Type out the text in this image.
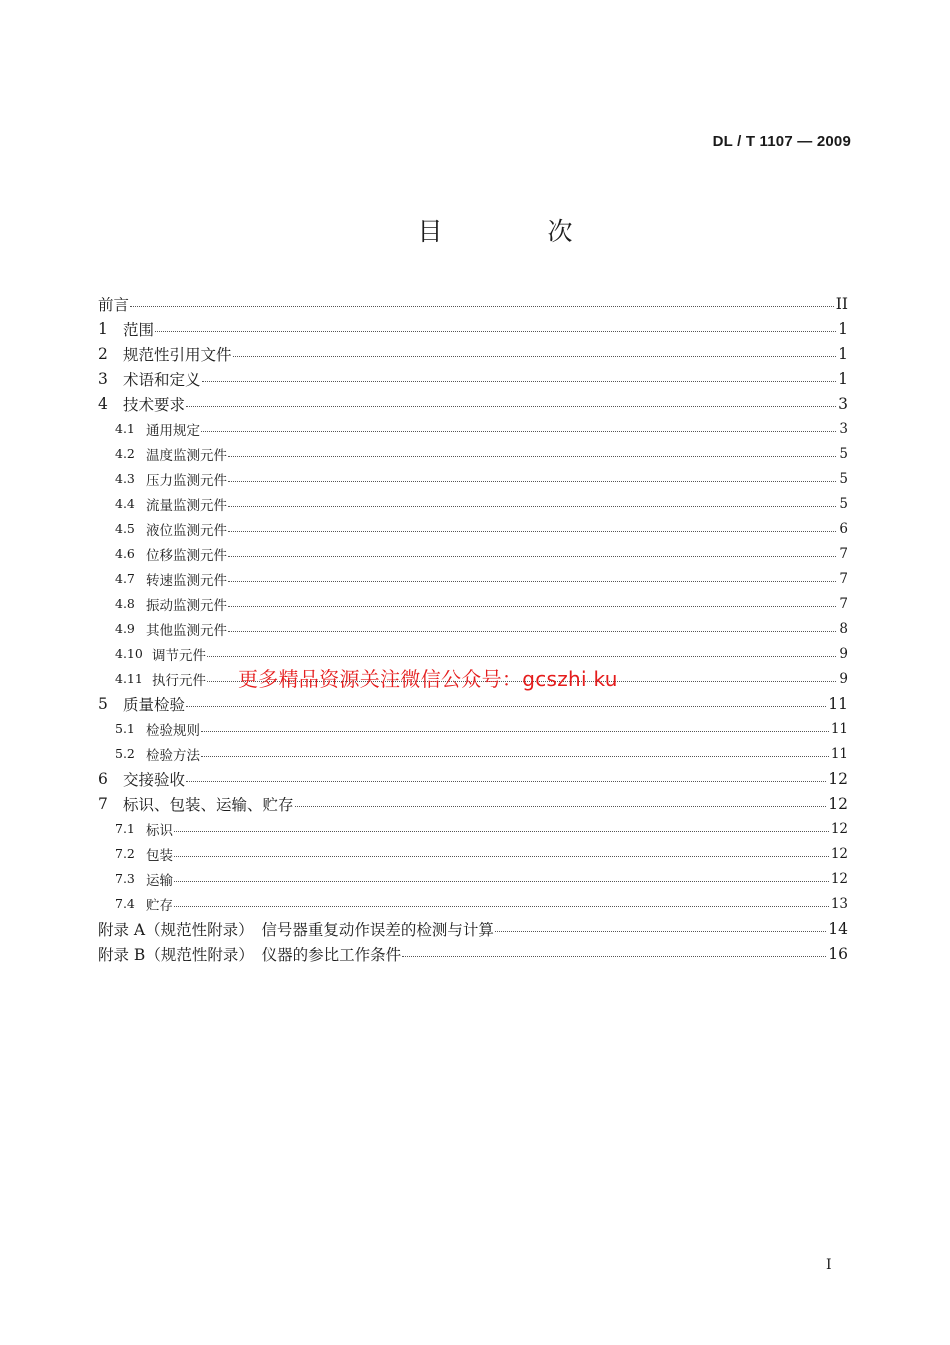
DL / T 1107 — 2009
目　次
前言	II
1 范围	1
2 规范性引用文件	1
3 术语和定义	1
4 技术要求	3
4.1 通用规定	3
4.2 温度监测元件	5
4.3 压力监测元件	5
4.4 流量监测元件	5
4.5 液位监测元件	6
4.6 位移监测元件	7
4.7 转速监测元件	7
4.8 振动监测元件	7
4.9 其他监测元件	8
4.10 调节元件	9
4.11 执行元件	9
5 质量检验	11
5.1 检验规则	11
5.2 检验方法	11
6 交接验收	12
7 标识、包装、运输、贮存	12
7.1 标识	12
7.2 包装	12
7.3 运输	12
7.4 贮存	13
附录 A（规范性附录）　信号器重复动作误差的检测与计算	14
附录 B（规范性附录）　仪器的参比工作条件	16
更多精品资源关注微信公众号：gcszhi ku
I
